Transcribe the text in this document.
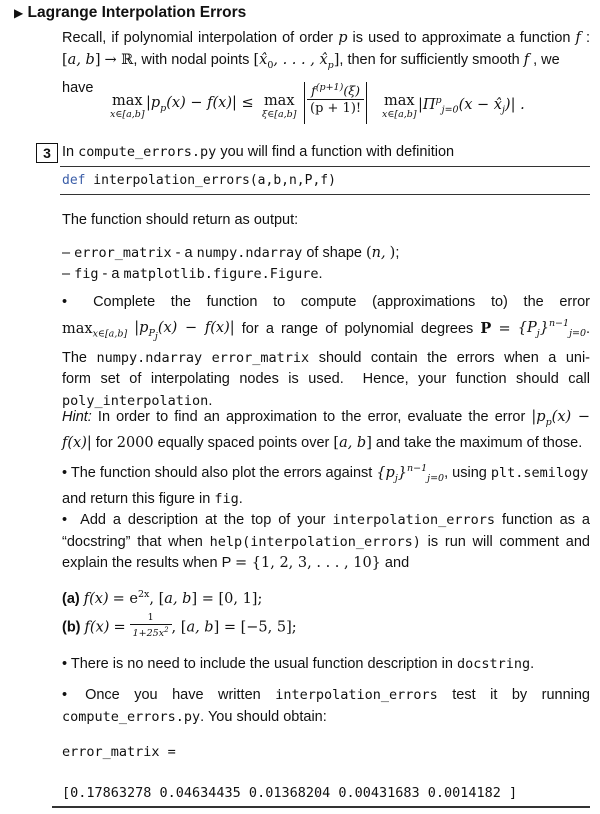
▶ Lagrange Interpolation Errors
Recall, if polynomial interpolation of order p is used to approximate a function f :
[a, b] → ℝ, with nodal points [$x̂_0$, . . . , $x̂_p$], then for sufficiently smooth f , we have
max
x∈[a,b]
$|p_p(x) - f(x)| \le \max$
ξ∈[a,b] $\frac{f^{(p+1)}(\xi)}{(p + 1)!}$ max
x∈[a,b]
$|\Pi^p_{j=0}(x$ − $x̂_j)|$ .
3 In compute_errors.py you will find a function with definition
def interpolation_errors(a,b,n,P,f)
The function should return as output:
– error_matrix - a numpy.ndarray of shape (n, );
– fig - a matplotlib.figure.Figure.
• Complete the function to compute (approximations to) the error
$\max_{x\in[a,b]} |p_{P_j}(x) - f(x)|$ for a range of polynomial degrees $P = \{P_j\}^{n-1}_{j=0}$.
The numpy.ndarray error_matrix should contain the errors when a uni-
form set of interpolating nodes is used.  Hence, your function should call
poly_interpolation.
Hint: In order to find an approximation to the error, evaluate the error $|p_p(x)$ −
f(x)| for 2000 equally spaced points over [a, b] and take the maximum of those.
• The function should also plot the errors against $\{p_j\}^{n-1}_{j=0}$, using plt.semilogy
and return this figure in fig.
•  Add a description at the top of your interpolation_errors function as a
“docstring” that when help(interpolation_errors) is run will comment and
explain the results when P = {1, 2, 3, . . . , 10} and
(a) $f(x) = e^{2x}$, [a, b] = [0, 1];
(b) $f(x) = \frac{1}{1+25x^2}$ , [a, b] = [−5, 5];
• There is no need to include the usual function description in docstring.
• Once you have written interpolation_errors test it by running
compute_errors.py. You should obtain:
error_matrix =
[0.17863278 0.04634435 0.01368204 0.00431683 0.0014182 ]
